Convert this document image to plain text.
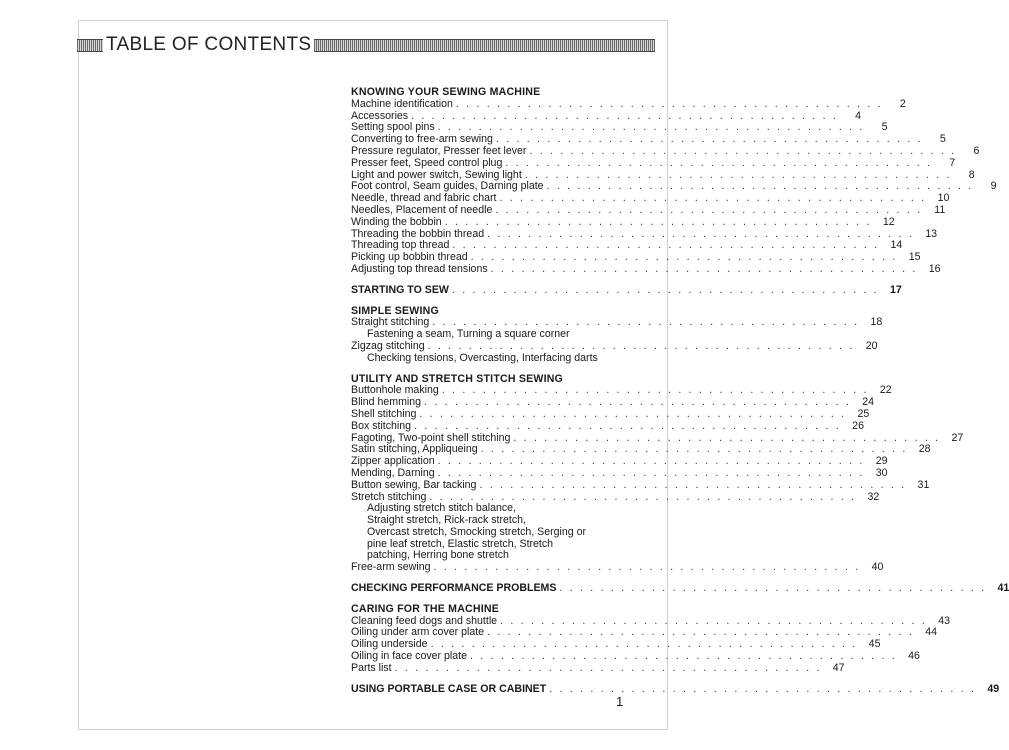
TABLE OF CONTENTS
KNOWING YOUR SEWING MACHINE
Machine identification . . . . . . . . . . . . . . . . . . . . . . . . . . . . . . . . . . . . . . . . . .	2
Accessories . . . . . . . . . . . . . . . . . . . . . . . . . . . . . . . . . . . . . . . . . .	4
Setting spool pins . . . . . . . . . . . . . . . . . . . . . . . . . . . . . . . . . . . . . . . . . .	5
Converting to free-arm sewing . . . . . . . . . . . . . . . . . . . . . . . . . . . . . . . . . . . . . . . . . .	5
Pressure regulator, Presser feet lever . . . . . . . . . . . . . . . . . . . . . . . . . . . . . . . . . . . . . . . . . .	6
Presser feet, Speed control plug . . . . . . . . . . . . . . . . . . . . . . . . . . . . . . . . . . . . . . . . . .	7
Light and power switch, Sewing light . . . . . . . . . . . . . . . . . . . . . . . . . . . . . . . . . . . . . . . . . .	8
Foot control, Seam guides, Darning plate . . . . . . . . . . . . . . . . . . . . . . . . . . . . . . . . . . . . . . . . . .	9
Needle, thread and fabric chart . . . . . . . . . . . . . . . . . . . . . . . . . . . . . . . . . . . . . . . . . .	10
Needles, Placement of needle . . . . . . . . . . . . . . . . . . . . . . . . . . . . . . . . . . . . . . . . . .	11
Winding the bobbin . . . . . . . . . . . . . . . . . . . . . . . . . . . . . . . . . . . . . . . . . .	12
Threading the bobbin thread . . . . . . . . . . . . . . . . . . . . . . . . . . . . . . . . . . . . . . . . . .	13
Threading top thread . . . . . . . . . . . . . . . . . . . . . . . . . . . . . . . . . . . . . . . . . .	14
Picking up bobbin thread . . . . . . . . . . . . . . . . . . . . . . . . . . . . . . . . . . . . . . . . . .	15
Adjusting top thread tensions . . . . . . . . . . . . . . . . . . . . . . . . . . . . . . . . . . . . . . . . . .	16
STARTING TO SEW . . . . . . . . . . . . . . . . . . . . . . . . . . . . . . . . . . . . . . . . . .	17
SIMPLE SEWING
Straight stitching . . . . . . . . . . . . . . . . . . . . . . . . . . . . . . . . . . . . . . . . . .	18
Fastening a seam, Turning a square corner
Zigzag stitching . . . . . . . . . . . . . . . . . . . . . . . . . . . . . . . . . . . . . . . . . .	20
Checking tensions, Overcasting, Interfacing darts
UTILITY AND STRETCH STITCH SEWING
Buttonhole making . . . . . . . . . . . . . . . . . . . . . . . . . . . . . . . . . . . . . . . . . .	22
Blind hemming . . . . . . . . . . . . . . . . . . . . . . . . . . . . . . . . . . . . . . . . . .	24
Shell stitching . . . . . . . . . . . . . . . . . . . . . . . . . . . . . . . . . . . . . . . . . .	25
Box stitching . . . . . . . . . . . . . . . . . . . . . . . . . . . . . . . . . . . . . . . . . .	26
Fagoting, Two-point shell stitching . . . . . . . . . . . . . . . . . . . . . . . . . . . . . . . . . . . . . . . . . .	27
Satin stitching, Appliqueing . . . . . . . . . . . . . . . . . . . . . . . . . . . . . . . . . . . . . . . . . .	28
Zipper application . . . . . . . . . . . . . . . . . . . . . . . . . . . . . . . . . . . . . . . . . .	29
Mending, Darning . . . . . . . . . . . . . . . . . . . . . . . . . . . . . . . . . . . . . . . . . .	30
Button sewing, Bar tacking . . . . . . . . . . . . . . . . . . . . . . . . . . . . . . . . . . . . . . . . . .	31
Stretch stitching . . . . . . . . . . . . . . . . . . . . . . . . . . . . . . . . . . . . . . . . . .	32
Adjusting stretch stitch balance,
Straight stretch, Rick-rack stretch,
Overcast stretch, Smocking stretch, Serging or
pine leaf stretch, Elastic stretch, Stretch
patching, Herring bone stretch
Free-arm sewing . . . . . . . . . . . . . . . . . . . . . . . . . . . . . . . . . . . . . . . . . .	40
CHECKING PERFORMANCE PROBLEMS . . . . . . . . . . . . . . . . . . . . . . . . . . . . . . . . . . . . . . . . . .	41
CARING FOR THE MACHINE
Cleaning feed dogs and shuttle . . . . . . . . . . . . . . . . . . . . . . . . . . . . . . . . . . . . . . . . . .	43
Oiling under arm cover plate . . . . . . . . . . . . . . . . . . . . . . . . . . . . . . . . . . . . . . . . . .	44
Oiling underside . . . . . . . . . . . . . . . . . . . . . . . . . . . . . . . . . . . . . . . . . .	45
Oiling in face cover plate . . . . . . . . . . . . . . . . . . . . . . . . . . . . . . . . . . . . . . . . . .	46
Parts list . . . . . . . . . . . . . . . . . . . . . . . . . . . . . . . . . . . . . . . . . .	47
USING PORTABLE CASE OR CABINET . . . . . . . . . . . . . . . . . . . . . . . . . . . . . . . . . . . . . . . . . .	49
1
